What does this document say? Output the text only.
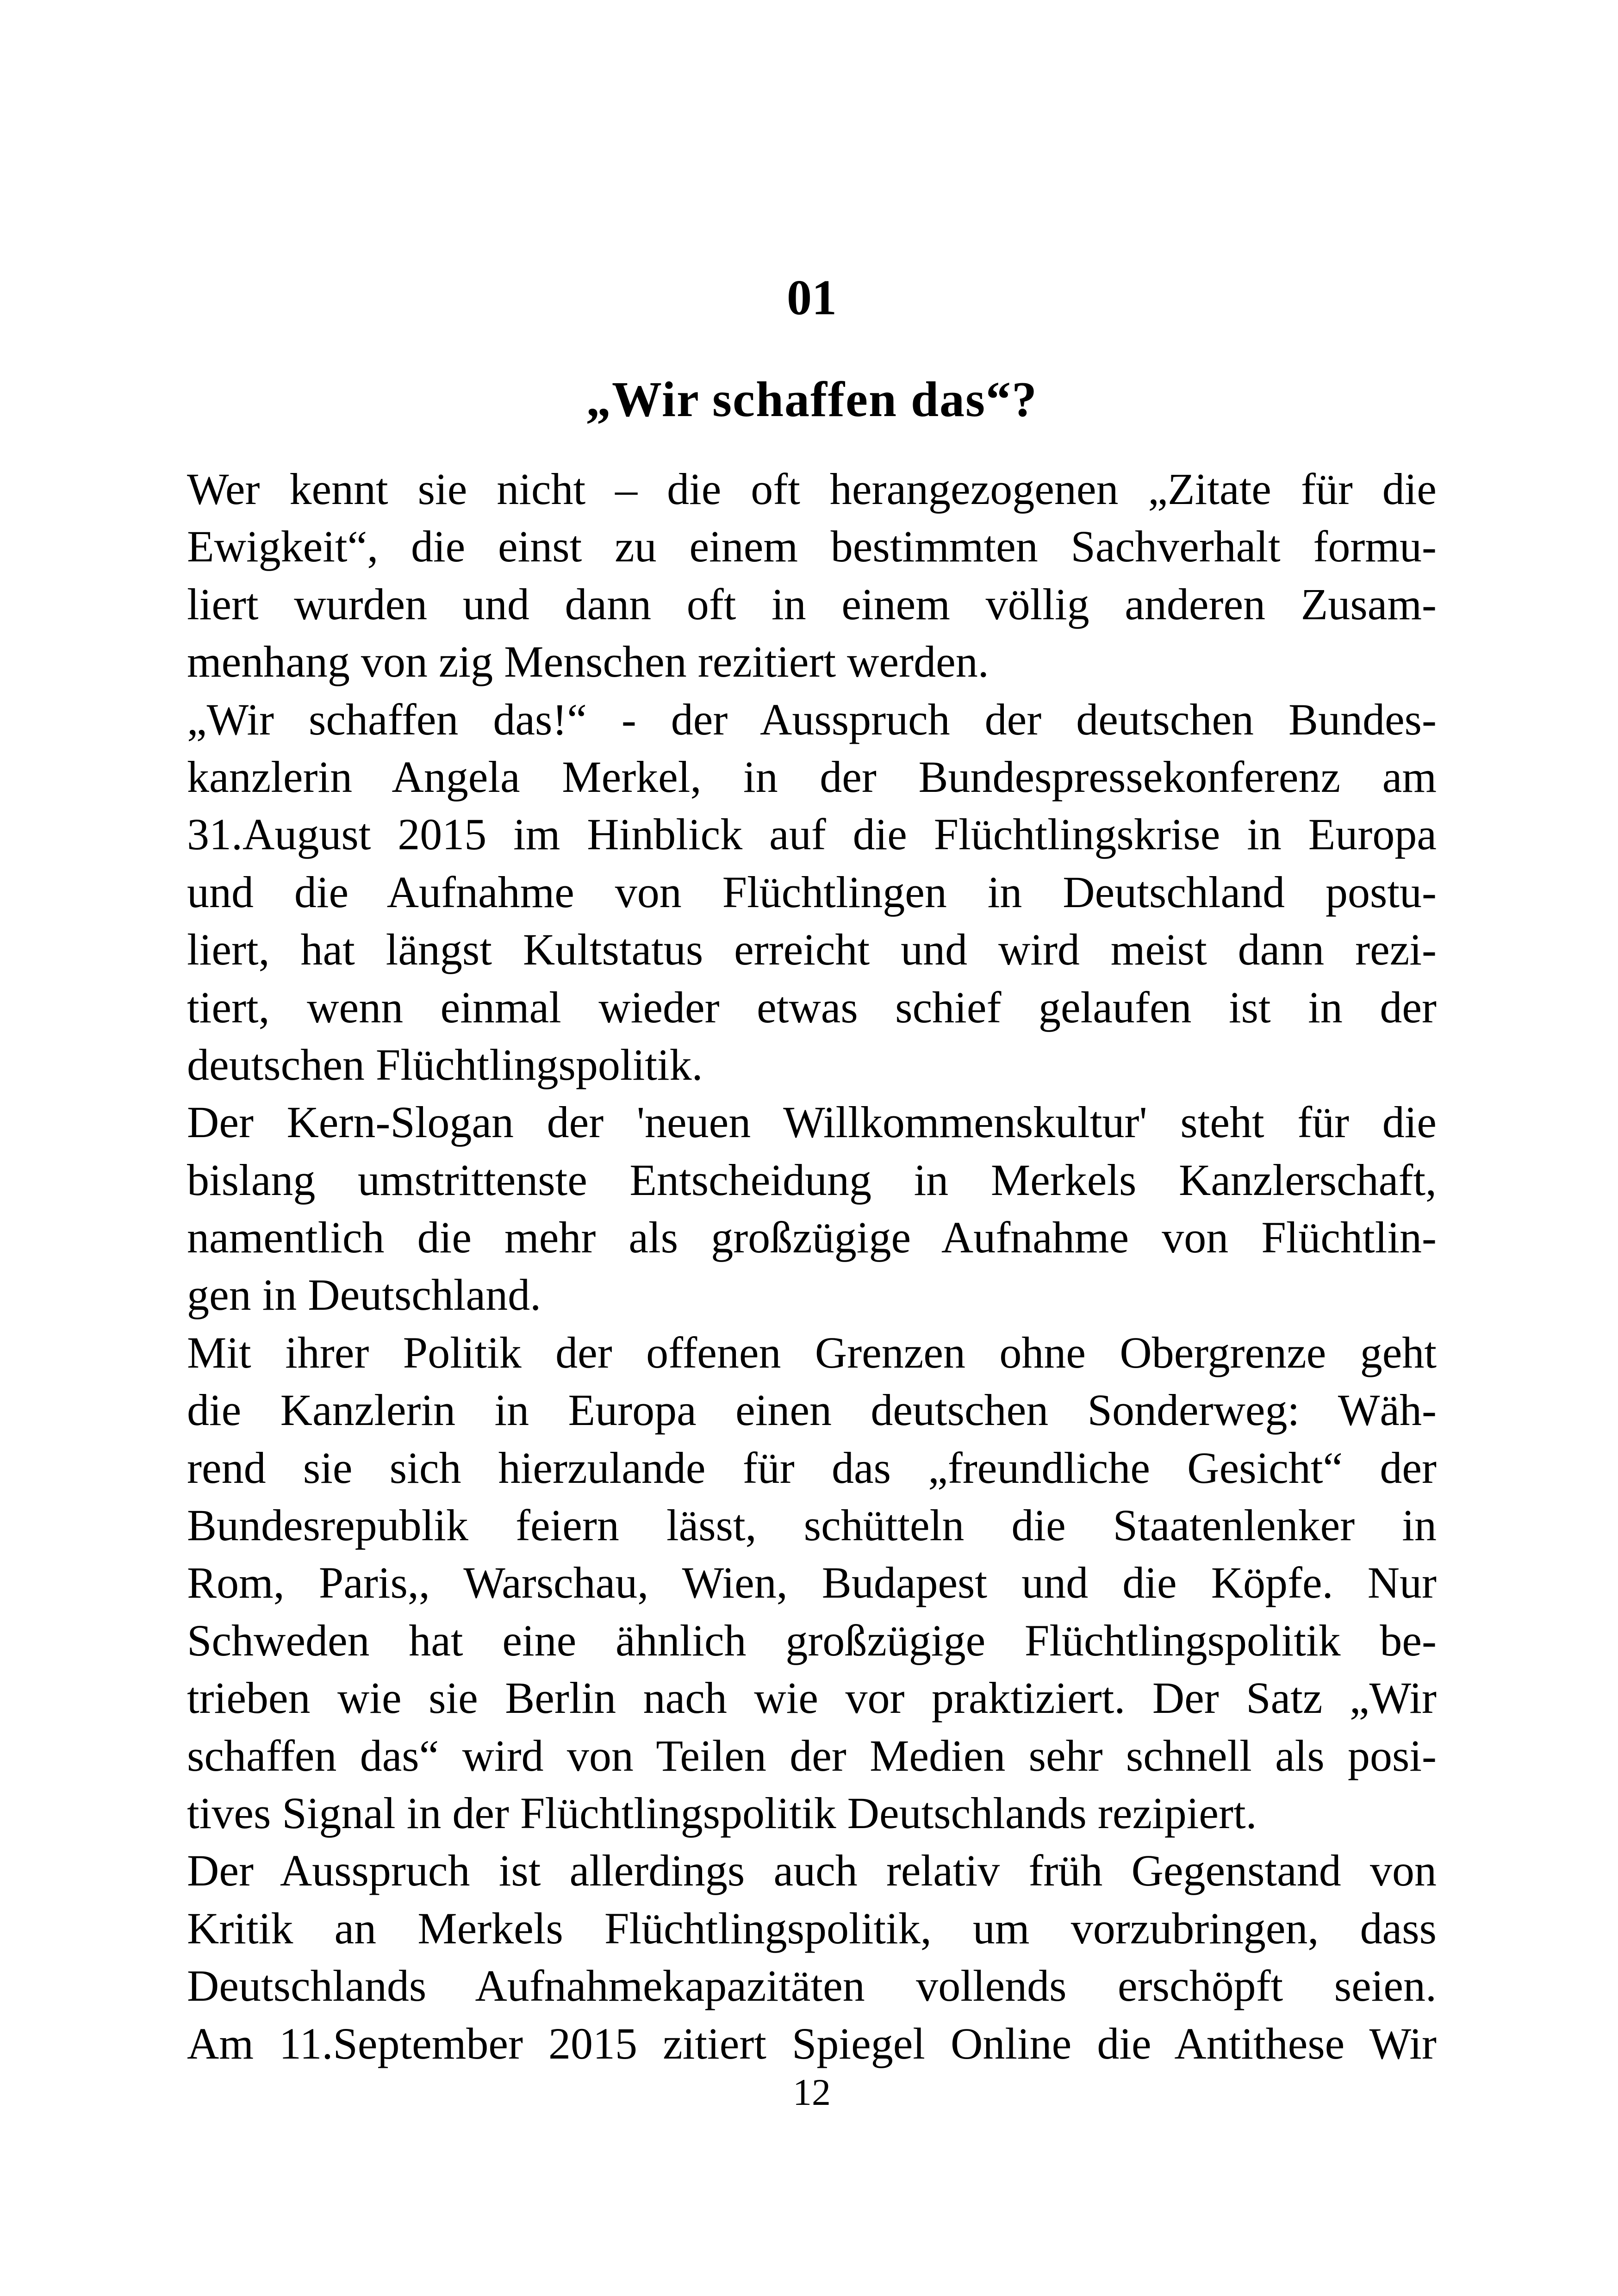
01
„Wir schaffen das“?
Wer kennt sie nicht – die oft herangezogenen „Zitate für die
Ewigkeit“, die einst zu einem bestimmten Sachverhalt formu-
liert wurden und dann oft in einem völlig anderen Zusam-
menhang von zig Menschen rezitiert werden.
„Wir schaffen das!“ - der Ausspruch der deutschen Bundes-
kanzlerin Angela Merkel, in der Bundespressekonferenz am
31.August 2015 im Hinblick auf die Flüchtlingskrise in Europa
und die Aufnahme von Flüchtlingen in Deutschland postu-
liert, hat längst Kultstatus erreicht und wird meist dann rezi-
tiert, wenn einmal wieder etwas schief gelaufen ist in der
deutschen Flüchtlingspolitik.
Der Kern-Slogan der 'neuen Willkommenskultur' steht für die
bislang umstrittenste Entscheidung in Merkels Kanzlerschaft,
namentlich die mehr als großzügige Aufnahme von Flüchtlin-
gen in Deutschland.
Mit ihrer Politik der offenen Grenzen ohne Obergrenze geht
die Kanzlerin in Europa einen deutschen Sonderweg: Wäh-
rend sie sich hierzulande für das „freundliche Gesicht“ der
Bundesrepublik feiern lässt, schütteln die Staatenlenker in
Rom, Paris,, Warschau, Wien, Budapest und die Köpfe. Nur
Schweden hat eine ähnlich großzügige Flüchtlingspolitik be-
trieben wie sie Berlin nach wie vor praktiziert. Der Satz „Wir
schaffen das“ wird von Teilen der Medien sehr schnell als posi-
tives Signal in der Flüchtlingspolitik Deutschlands rezipiert.
Der Ausspruch ist allerdings auch relativ früh Gegenstand von
Kritik an Merkels Flüchtlingspolitik, um vorzubringen, dass
Deutschlands Aufnahmekapazitäten vollends erschöpft seien.
Am 11.September 2015 zitiert Spiegel Online die Antithese Wir
12
